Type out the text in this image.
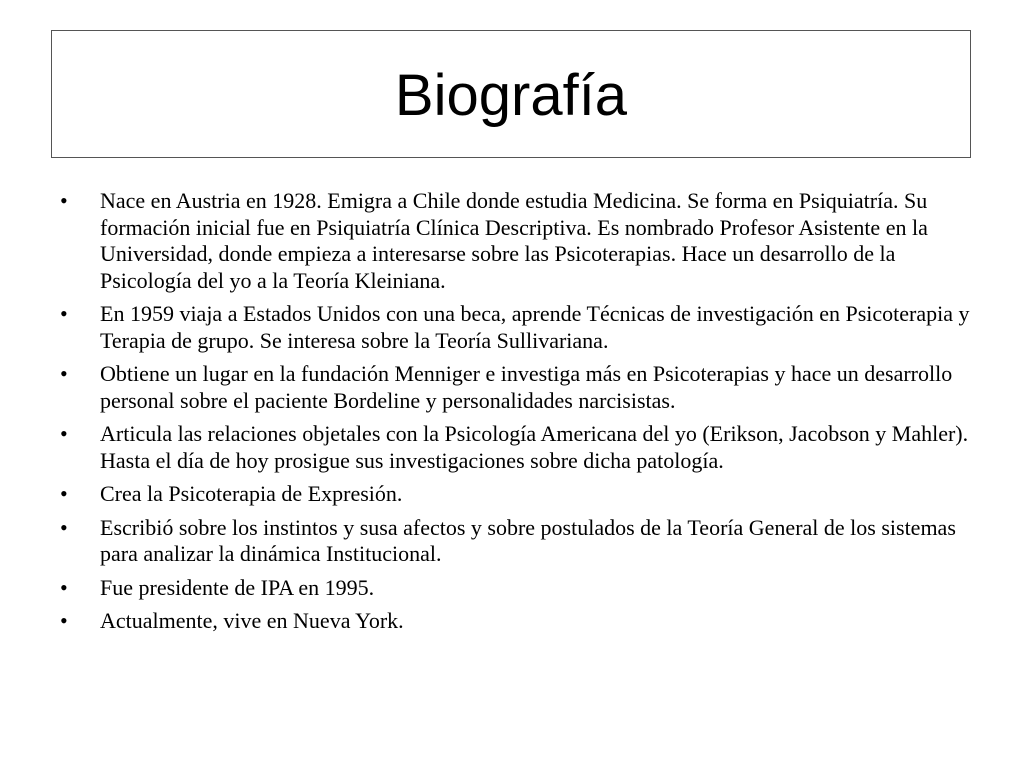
Biografía
• Nace en Austria en 1928. Emigra a Chile donde estudia Medicina. Se forma en Psiquiatría. Su formación inicial fue en Psiquiatría Clínica Descriptiva. Es nombrado Profesor Asistente en la Universidad, donde empieza a interesarse sobre las Psicoterapias. Hace un desarrollo de la Psicología del yo a la Teoría Kleiniana.
• En 1959 viaja a Estados Unidos con una beca, aprende Técnicas de investigación en Psicoterapia y Terapia de grupo. Se interesa sobre la Teoría Sullivariana.
• Obtiene un lugar en la fundación Menniger e investiga más en Psicoterapias y hace un desarrollo personal sobre el paciente Bordeline y personalidades narcisistas.
• Articula las relaciones objetales con la Psicología Americana del yo (Erikson, Jacobson y Mahler). Hasta el día de hoy prosigue sus investigaciones sobre dicha patología.
• Crea la Psicoterapia de Expresión.
• Escribió sobre los instintos y susa afectos y sobre postulados de la Teoría General de los sistemas para analizar la dinámica Institucional.
• Fue presidente de IPA en 1995.
• Actualmente, vive en Nueva York.
